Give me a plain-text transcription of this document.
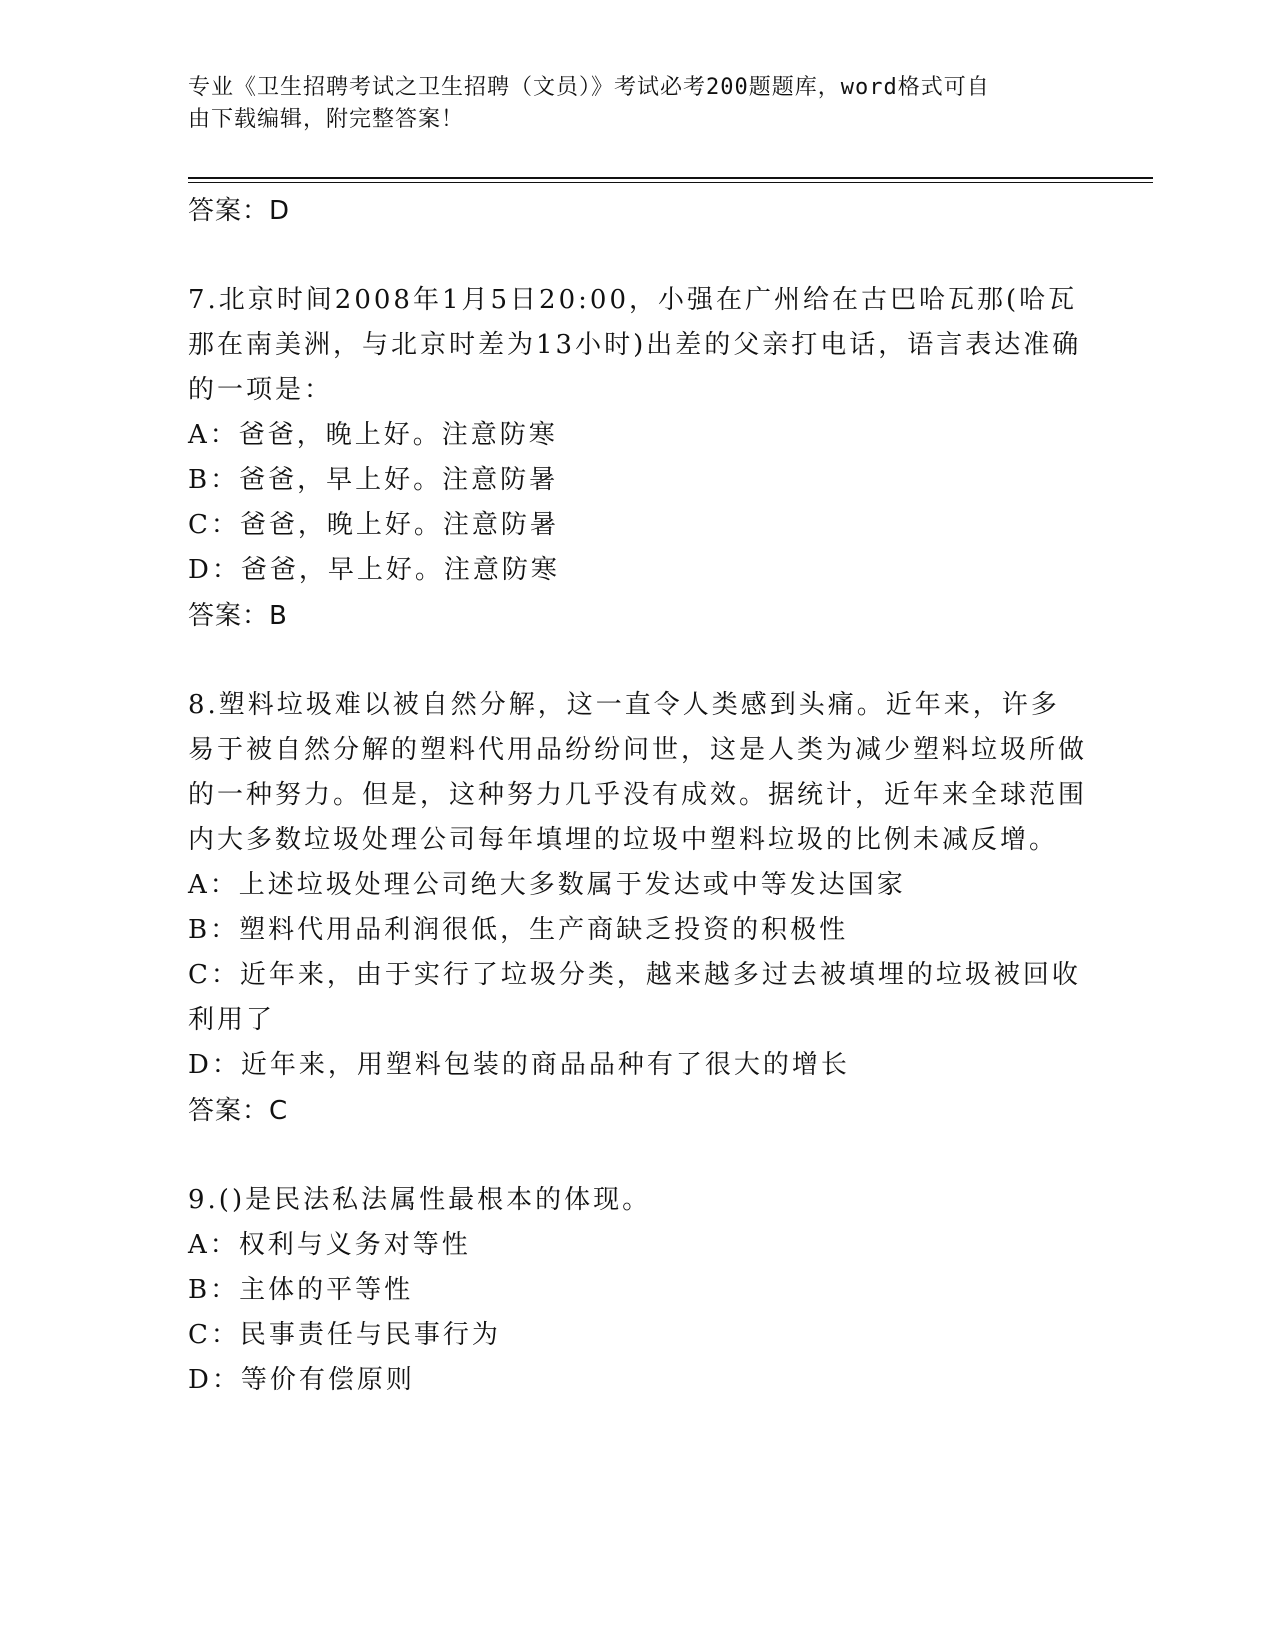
专业《卫生招聘考试之卫生招聘（文员）》考试必考200题题库，word格式可自
由下载编辑，附完整答案！
答案：D
7.北京时间2008年1月5日20:00，小强在广州给在古巴哈瓦那(哈瓦那在南美洲，与北京时差为13小时)出差的父亲打电话，语言表达准确的一项是：
A：爸爸，晚上好。注意防寒
B：爸爸，早上好。注意防暑
C：爸爸，晚上好。注意防暑
D：爸爸，早上好。注意防寒
答案：B
8.塑料垃圾难以被自然分解，这一直令人类感到头痛。近年来，许多易于被自然分解的塑料代用品纷纷问世，这是人类为减少塑料垃圾所做的一种努力。但是，这种努力几乎没有成效。据统计，近年来全球范围内大多数垃圾处理公司每年填埋的垃圾中塑料垃圾的比例未减反增。
A：上述垃圾处理公司绝大多数属于发达或中等发达国家
B：塑料代用品利润很低，生产商缺乏投资的积极性
C：近年来，由于实行了垃圾分类，越来越多过去被填埋的垃圾被回收利用了
D：近年来，用塑料包装的商品品种有了很大的增长
答案：C
9.()是民法私法属性最根本的体现。
A：权利与义务对等性
B：主体的平等性
C：民事责任与民事行为
D：等价有偿原则
